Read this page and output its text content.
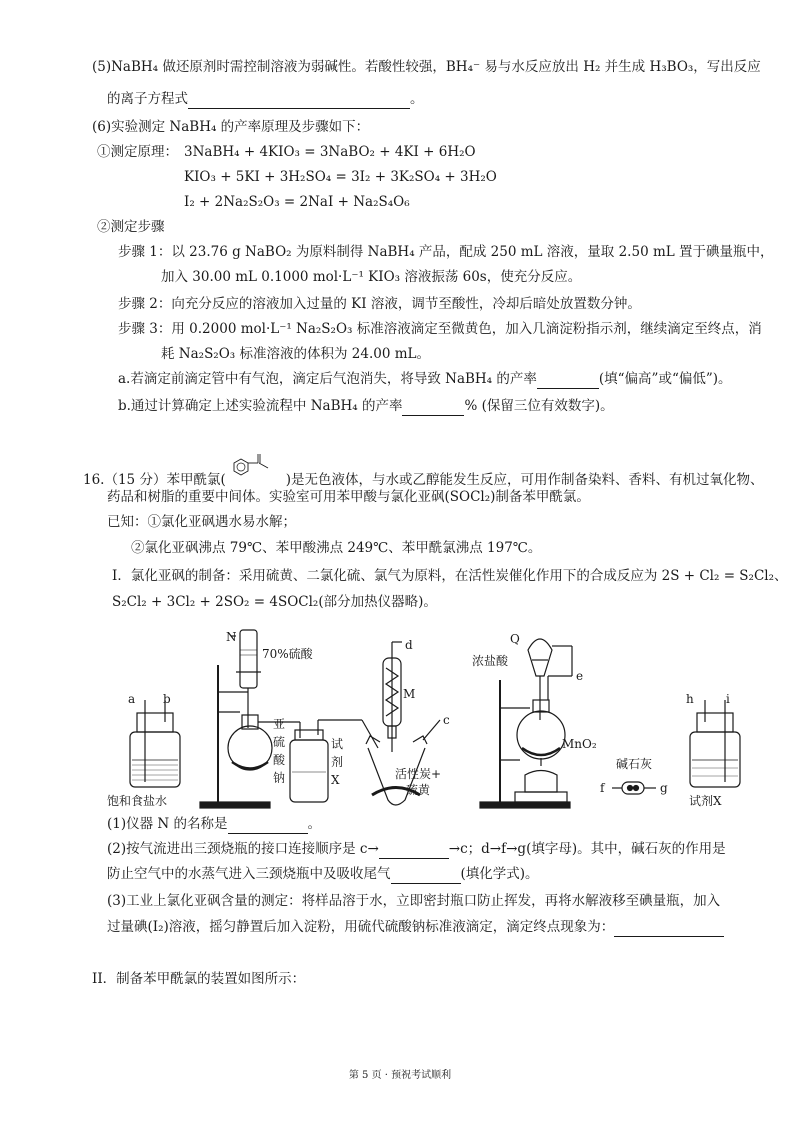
(5)NaBH₄ 做还原剂时需控制溶液为弱碱性。若酸性较强，BH₄⁻ 易与水反应放出 H₂ 并生成 H₃BO₃，写出反应
的离子方程式	。
(6)实验测定 NaBH₄ 的产率原理及步骤如下：
①测定原理： 3NaBH₄ + 4KIO₃ = 3NaBO₂ + 4KI + 6H₂O
KIO₃ + 5KI + 3H₂SO₄ = 3I₂ + 3K₂SO₄ + 3H₂O
I₂ + 2Na₂S₂O₃ = 2NaI + Na₂S₄O₆
②测定步骤
步骤 1：以 23.76 g NaBO₂ 为原料制得 NaBH₄ 产品，配成 250 mL 溶液，量取 2.50 mL 置于碘量瓶中，
加入 30.00 mL 0.1000 mol·L⁻¹ KIO₃ 溶液振荡 60s，使充分反应。
步骤 2：向充分反应的溶液加入过量的 KI 溶液，调节至酸性，冷却后暗处放置数分钟。
步骤 3：用 0.2000 mol·L⁻¹ Na₂S₂O₃ 标准溶液滴定至微黄色，加入几滴淀粉指示剂，继续滴定至终点，消
耗 Na₂S₂O₃ 标准溶液的体积为 24.00 mL。
a.若滴定前滴定管中有气泡，滴定后气泡消失，将导致 NaBH₄ 的产率	(填“偏高”或“偏低”)。
b.通过计算确定上述实验流程中 NaBH₄ 的产率	% (保留三位有效数字)。
16.（15 分）苯甲酰氯(	)是无色液体，与水或乙醇能发生反应，可用作制备染料、香料、有机过氧化物、
药品和树脂的重要中间体。实验室可用苯甲酸与氯化亚砜(SOCl₂)制备苯甲酰氯。
已知：①氯化亚砜遇水易水解；
②氯化亚砜沸点 79℃、苯甲酸沸点 249℃、苯甲酰氯沸点 197℃。
I．氯化亚砜的制备：采用硫黄、二氯化硫、氯气为原料，在活性炭催化作用下的合成反应为 2S + Cl₂ = S₂Cl₂、
S₂Cl₂ + 3Cl₂ + 2SO₂ = 4SOCl₂(部分加热仪器略)。
a b
N
70%硫酸
亚
硫
酸
钠
试
剂
X
d
M
c
活性炭+
硫黄
Q
浓盐酸
e
MnO₂
碱石灰
f	g
h	i
试剂X
饱和食盐水
(1)仪器 N 的名称是	。
(2)按气流进出三颈烧瓶的接口连接顺序是 c→	→c；d→f→g(填字母)。其中，碱石灰的作用是
防止空气中的水蒸气进入三颈烧瓶中及吸收尾气	(填化学式)。
(3)工业上氯化亚砜含量的测定：将样品溶于水，立即密封瓶口防止挥发，再将水解液移至碘量瓶，加入
过量碘(I₂)溶液，摇匀静置后加入淀粉，用硫代硫酸钠标准液滴定，滴定终点现象为：
II．制备苯甲酰氯的装置如图所示：
第 5 页 · 预祝考试顺利
